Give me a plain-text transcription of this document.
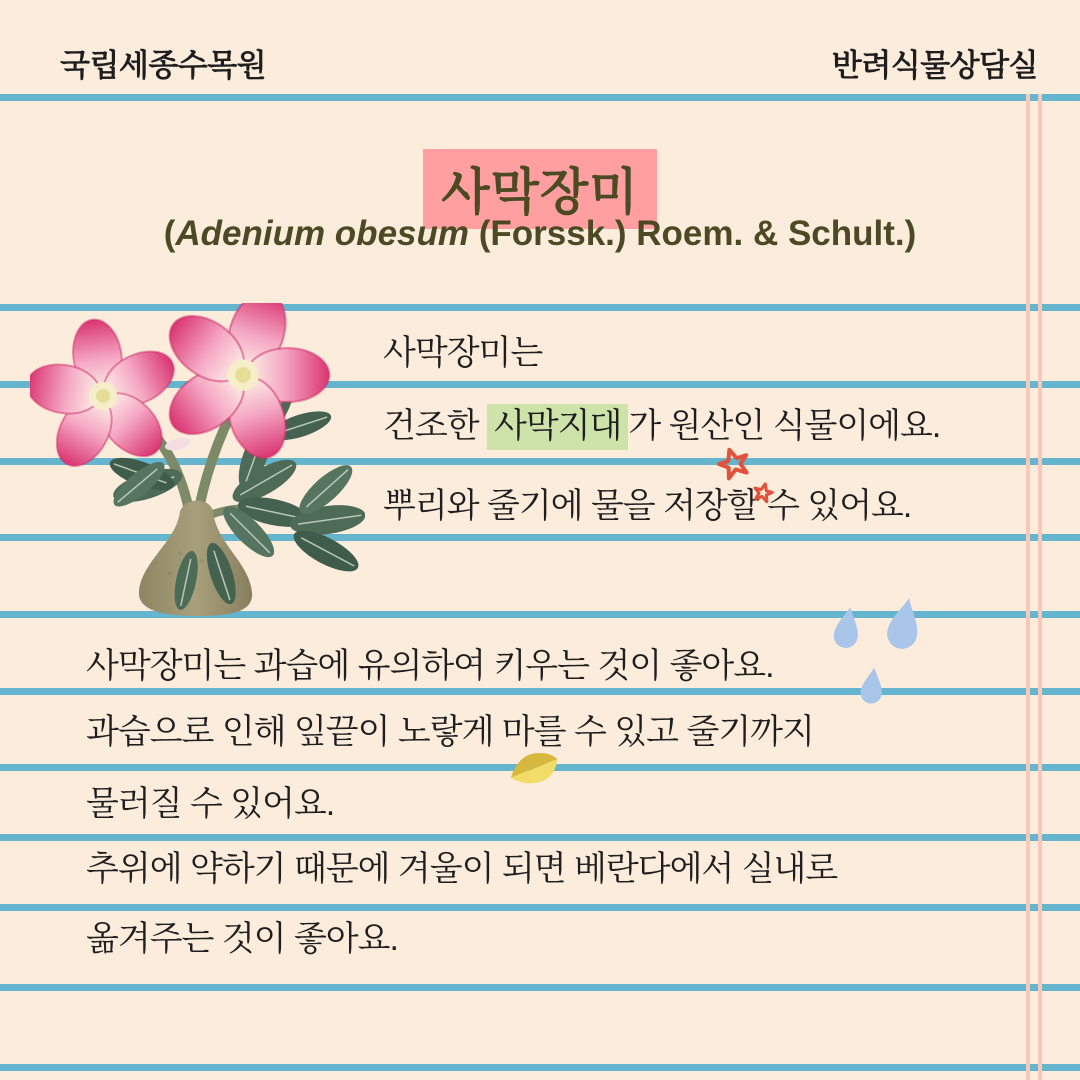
국립세종수목원	반려식물상담실
사막장미
(Adenium obesum (Forssk.) Roem. & Schult.)
사막장미는
건조한 사막지대 가 원산인 식물이에요.
뿌리와 줄기에 물을 저장할 수 있어요.
사막장미는 과습에 유의하여 키우는 것이 좋아요.
과습으로 인해 잎끝이 노랗게 마를 수 있고 줄기까지
물러질 수 있어요.
추위에 약하기 때문에 겨울이 되면 베란다에서 실내로
옮겨주는 것이 좋아요.
